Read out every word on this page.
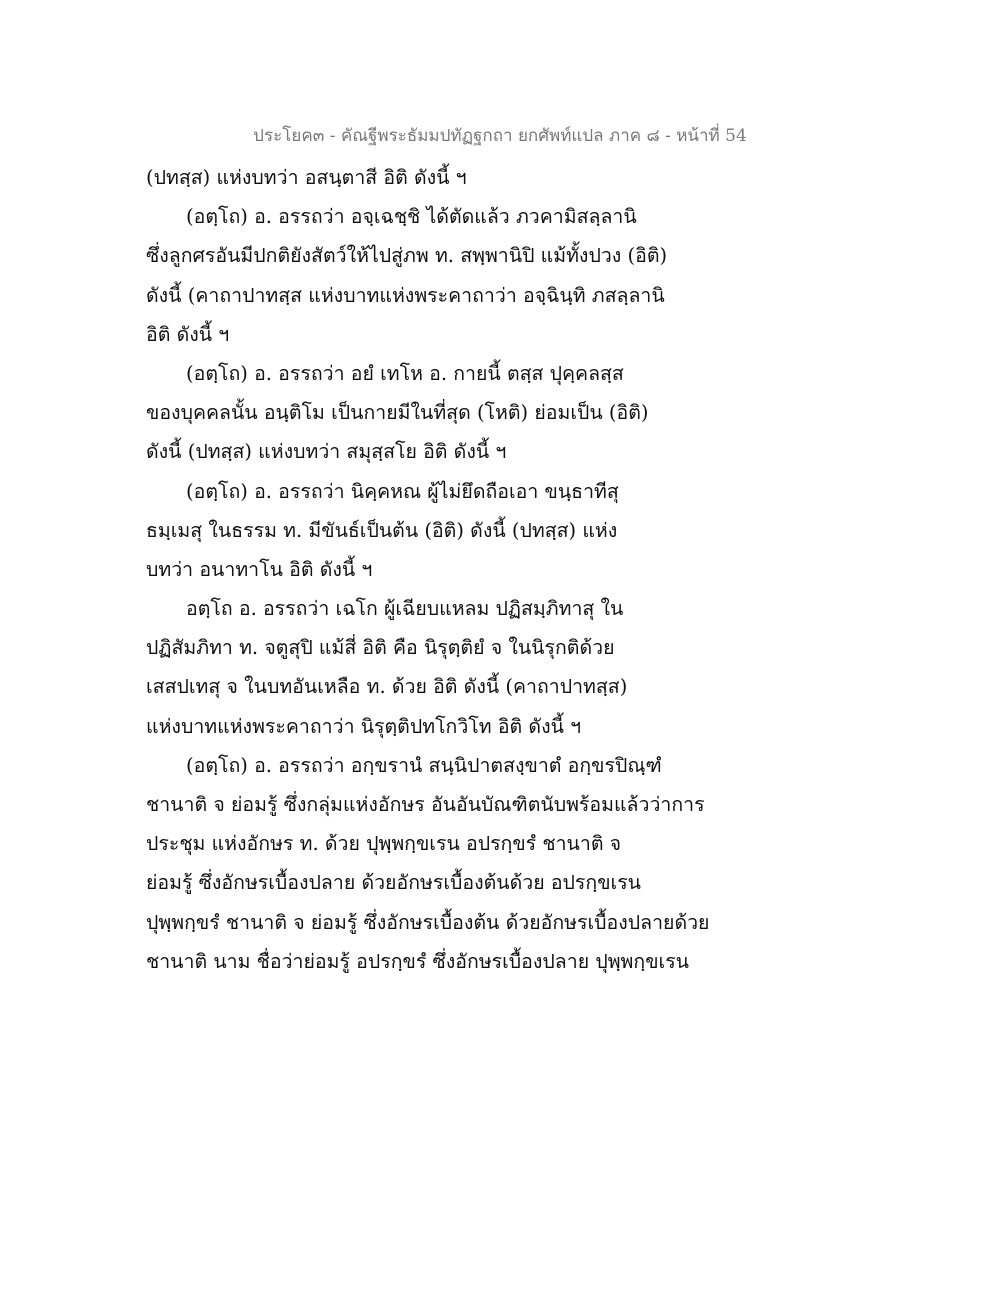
ประโยค๓ - คัณฐีพระธัมมปทัฏฐกถา ยกศัพท์แปล ภาค ๘ - หน้าที่ 54
(ปทสฺส) แห่งบทว่า อสนฺตาสี อิติ ดังนี้ ฯ
(อตฺโถ) อ. อรรถว่า อจฺเฉชฺชิ ได้ตัดแล้ว ภวคามิสลฺลานิ
ซึ่งลูกศรอันมีปกติยังสัตว์ให้ไปสู่ภพ ท. สพฺพานิปิ แม้ทั้งปวง (อิติ)
ดังนี้ (คาถาปาทสฺส แห่งบาทแห่งพระคาถาว่า อจฺฉินฺทิ ภสลฺลานิ
อิติ ดังนี้ ฯ
(อตฺโถ) อ. อรรถว่า อยํ เทโห อ. กายนี้ ตสฺส ปุคฺคลสฺส
ของบุคคลนั้น อนฺติโม เป็นกายมีในที่สุด (โหติ) ย่อมเป็น (อิติ)
ดังนี้ (ปทสฺส) แห่งบทว่า สมุสฺสโย อิติ ดังนี้ ฯ
(อตฺโถ) อ. อรรถว่า นิคฺคหณ ผู้ไม่ยึดถือเอา ขนฺธาทีสุ
ธมฺเมสุ ในธรรม ท. มีขันธ์เป็นต้น (อิติ) ดังนี้ (ปทสฺส) แห่ง
บทว่า อนาทาโน อิติ ดังนี้ ฯ
อตฺโถ อ. อรรถว่า เฉโก ผู้เฉียบแหลม ปฏิสมฺภิทาสุ ใน
ปฏิสัมภิทา ท. จตูสุปิ แม้สี่ อิติ คือ นิรุตฺติยํ จ ในนิรุกติด้วย
เสสปเทสุ จ ในบทอันเหลือ ท. ด้วย อิติ ดังนี้ (คาถาปาทสฺส)
แห่งบาทแห่งพระคาถาว่า นิรุตฺติปทโกวิโท อิติ ดังนี้ ฯ
(อตฺโถ) อ. อรรถว่า อกฺขรานํ สนฺนิปาตสงฺขาตํ อกฺขรปิณฺฑํ
ชานาติ จ ย่อมรู้ ซึ่งกลุ่มแห่งอักษร อันอันบัณฑิตนับพร้อมแล้วว่าการ
ประชุม แห่งอักษร ท. ด้วย ปุพฺพกฺขเรน อปรกฺขรํ ชานาติ จ
ย่อมรู้ ซึ่งอักษรเบื้องปลาย ด้วยอักษรเบื้องต้นด้วย อปรกฺขเรน
ปุพฺพกฺขรํ ชานาติ จ ย่อมรู้ ซึ่งอักษรเบื้องต้น ด้วยอักษรเบื้องปลายด้วย
ชานาติ นาม ชื่อว่าย่อมรู้ อปรกฺขรํ ซึ่งอักษรเบื้องปลาย ปุพฺพกฺขเรน
